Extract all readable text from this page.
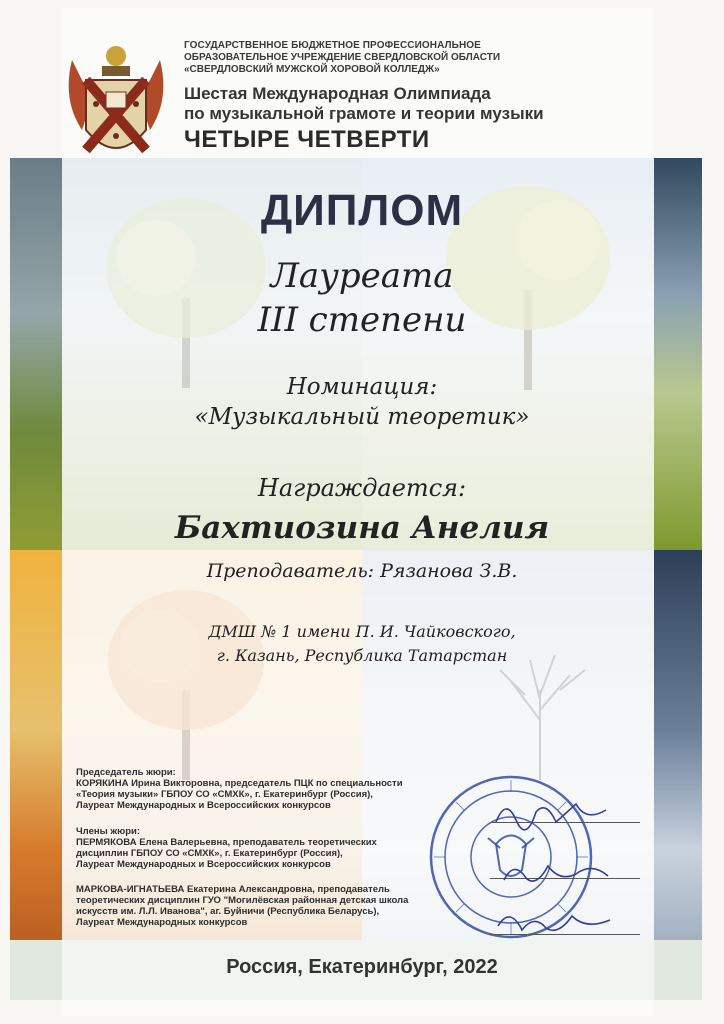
ГОСУДАРСТВЕННОЕ БЮДЖЕТНОЕ ПРОФЕССИОНАЛЬНОЕ

ОБРАЗОВАТЕЛЬНОЕ УЧРЕЖДЕНИЕ СВЕРДЛОВСКОЙ ОБЛАСТИ

«СВЕРДЛОВСКИЙ МУЖСКОЙ ХОРОВОЙ КОЛЛЕДЖ»

Шестая Международная Олимпиада

по музыкальной грамоте и теории музыки

ЧЕТЫРЕ ЧЕТВЕРТИ

ДИПЛОМ

Лауреата

III степени

Номинация:

«Музыкальный теоретик»

Награждается:

Бахтиозина Анелия

Преподаватель: Рязанова З.В.

ДМШ № 1 имени П. И. Чайковского,

г. Казань, Республика Татарстан

Председатель жюри:

КОРЯКИНА Ирина Викторовна, председатель ПЦК по специальности

«Теория музыки» ГБПОУ СО «СМХК», г. Екатеринбург (Россия),

Лауреат Международных и Всероссийских конкурсов

Члены жюри:

ПЕРМЯКОВА Елена Валерьевна, преподаватель теоретических

дисциплин ГБПОУ СО «СМХК», г. Екатеринбург (Россия),

Лауреат Международных и Всероссийских конкурсов

МАРКОВА-ИГНАТЬЕВА Екатерина Александровна, преподаватель

теоретических дисциплин ГУО "Могилёвская районная детская школа

искусств им. Л.Л. Иванова", аг. Буйничи (Республика Беларусь),

Лауреат Международных конкурсов

Россия, Екатеринбург, 2022
